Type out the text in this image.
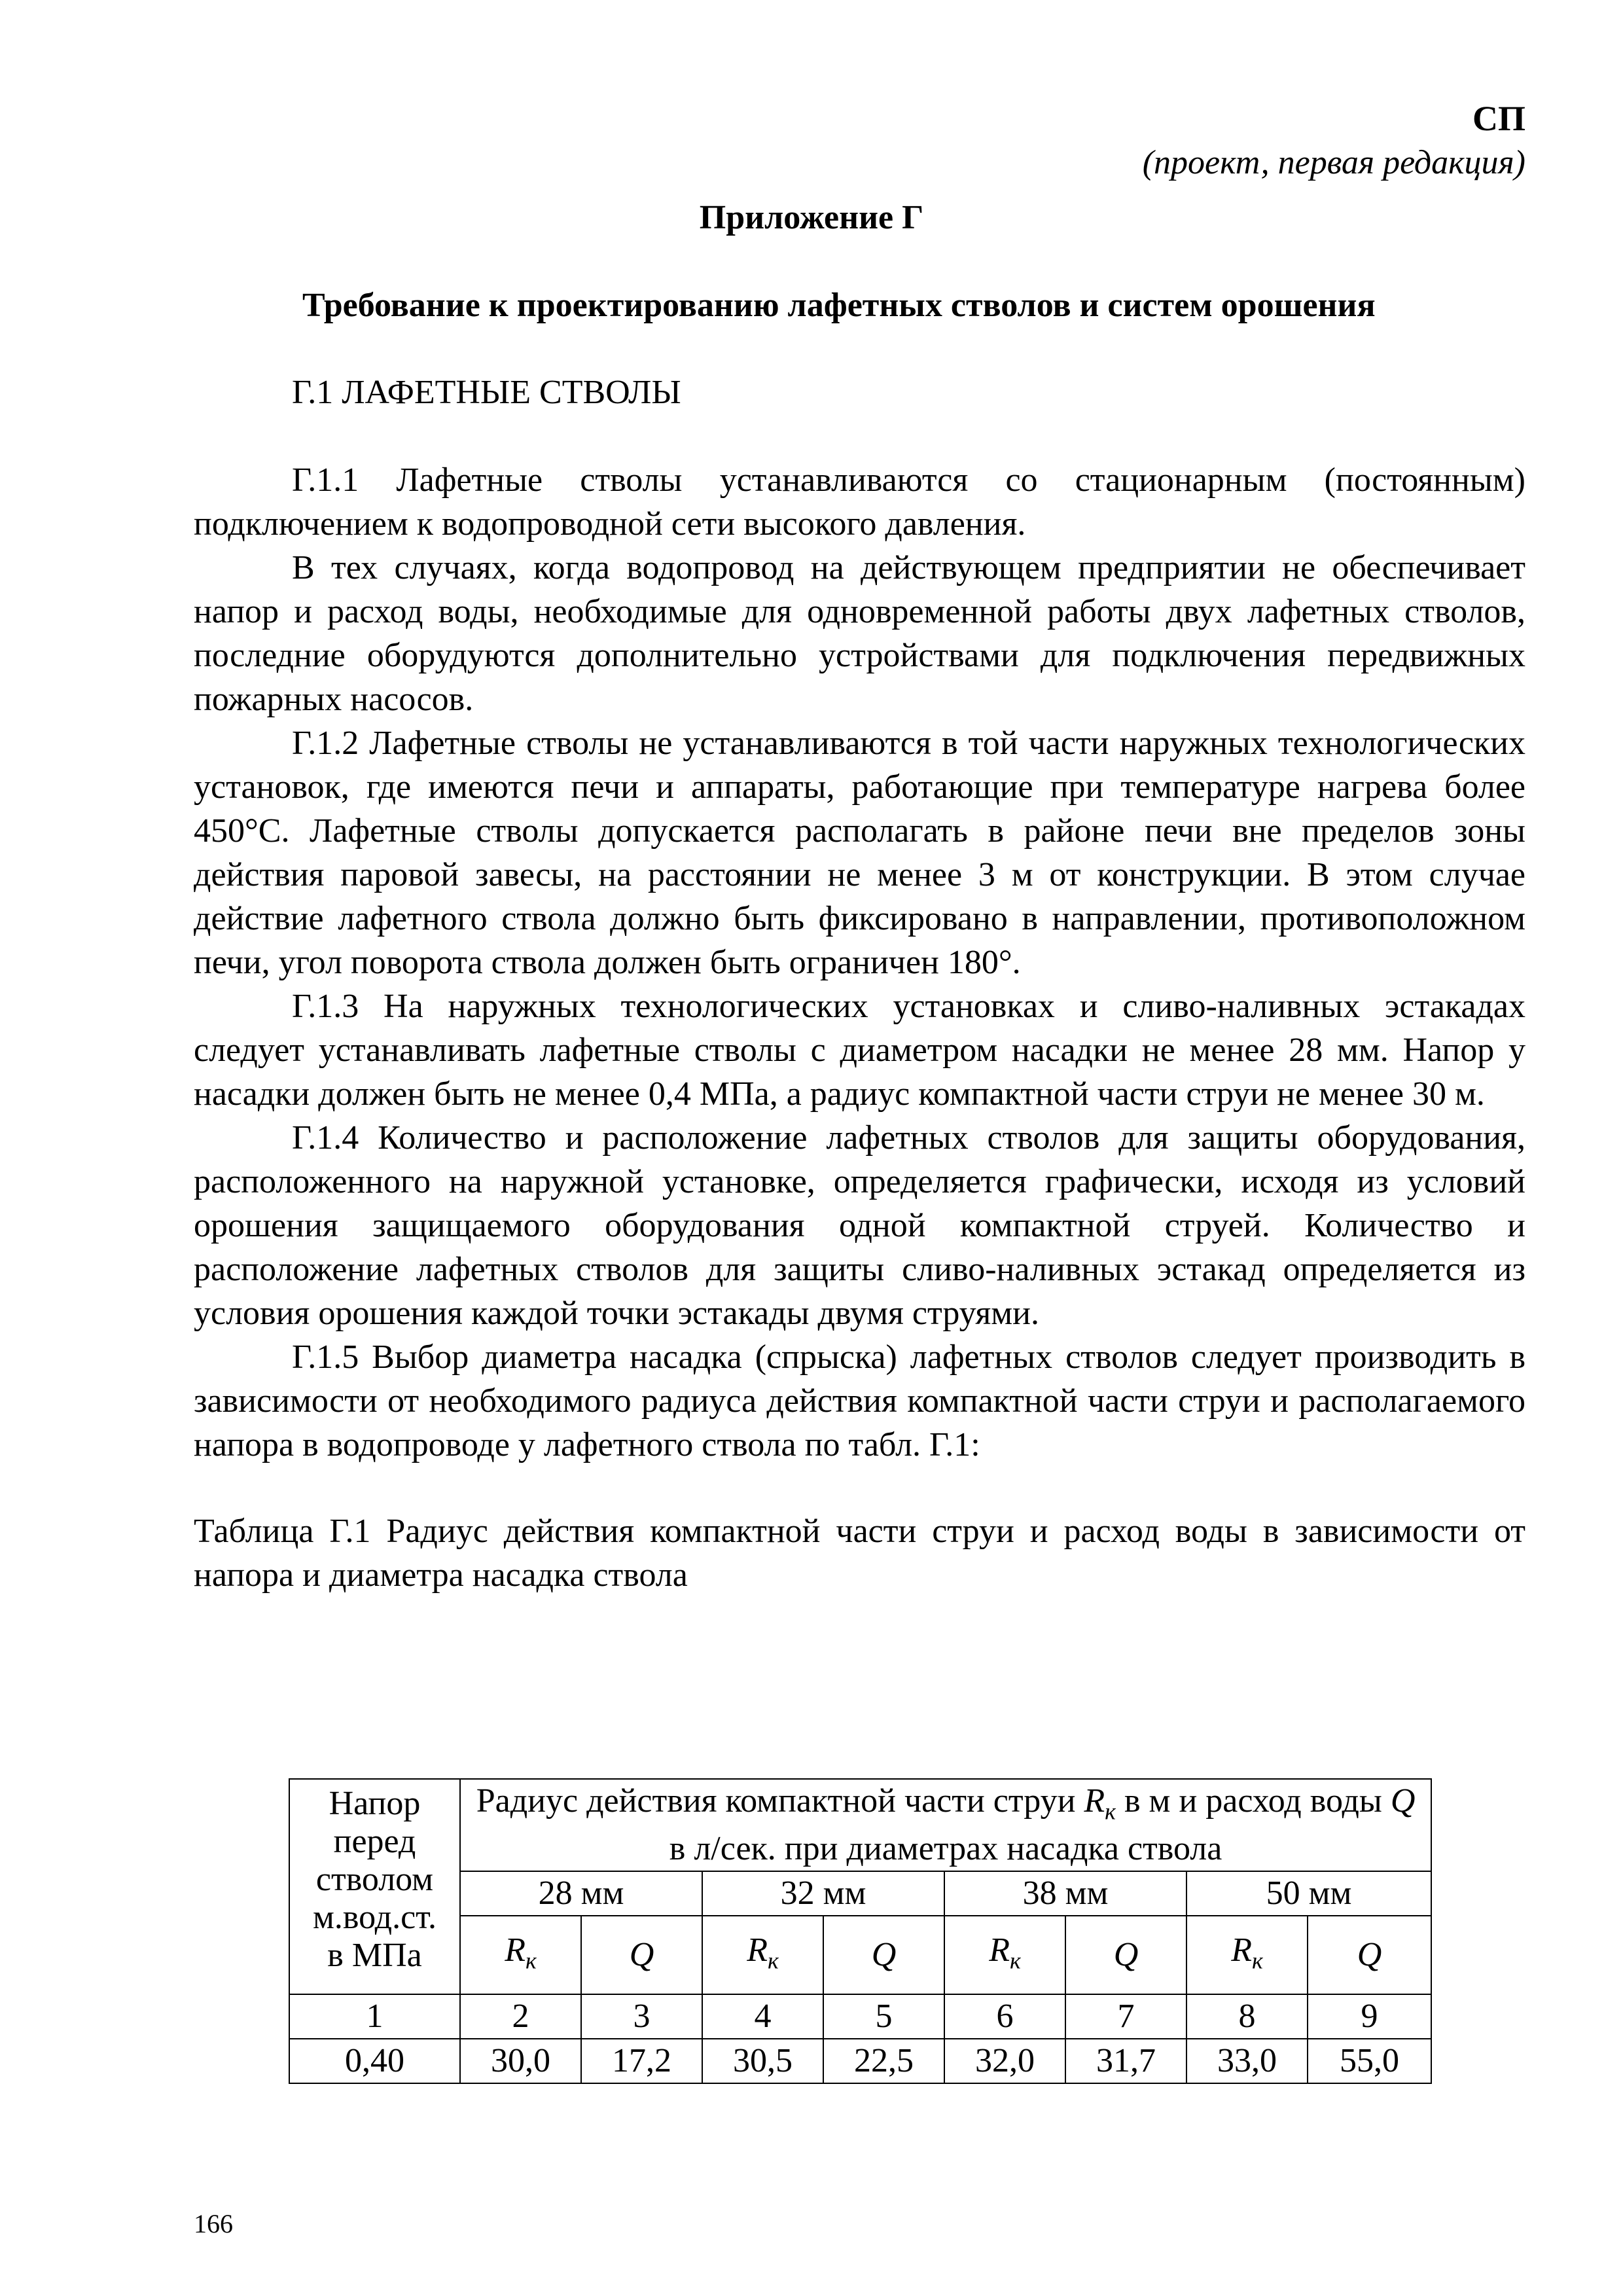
СП
(проект, первая редакция)
Приложение Г
Требование к проектированию лафетных стволов и систем орошения
Г.1 ЛАФЕТНЫЕ СТВОЛЫ

Г.1.1 Лафетные стволы устанавливаются со стационарным (постоянным) подключением к водопроводной сети высокого давления.

В тех случаях, когда водопровод на действующем предприятии не обеспечивает напор и расход воды, необходимые для одновременной работы двух лафетных стволов, последние оборудуются дополнительно устройствами для подключения передвижных пожарных насосов.

Г.1.2 Лафетные стволы не устанавливаются в той части наружных технологических установок, где имеются печи и аппараты, работающие при температуре нагрева более 450°С. Лафетные стволы допускается располагать в районе печи вне пределов зоны действия паровой завесы, на расстоянии не менее 3 м от конструкции. В этом случае действие лафетного ствола должно быть фиксировано в направлении, противоположном печи, угол поворота ствола должен быть ограничен 180°.

Г.1.3 На наружных технологических установках и сливо-наливных эстакадах следует устанавливать лафетные стволы с диаметром насадки не менее 28 мм. Напор у насадки должен быть не менее 0,4 МПа, а радиус компактной части струи не менее 30 м.

Г.1.4 Количество и расположение лафетных стволов для защиты оборудования, расположенного на наружной установке, определяется графически, исходя из условий орошения защищаемого оборудования одной компактной струей. Количество и расположение лафетных стволов для защиты сливо-наливных эстакад определяется из условия орошения каждой точки эстакады двумя струями.

Г.1.5 Выбор диаметра насадка (спрыска) лафетных стволов следует производить в зависимости от необходимого радиуса действия компактной части струи и располагаемого напора в водопроводе у лафетного ствола по табл. Г.1:

Таблица Г.1 Радиус действия компактной части струи и расход воды в зависимости от напора и диаметра насадка ствола

Напор
перед
стволом
м.вод.ст.
в МПа	Радиус действия компактной части струи $R_к$ в м и расход воды Q в л/сек. при диаметрах насадка ствола							
	28 мм		32 мм		38 мм		50 мм	
	$R_к$	Q	$R_к$	Q	$R_к$	Q	$R_к$	Q
1	2	3	4	5	6	7	8	9
0,40	30,0	17,2	30,5	22,5	32,0	31,7	33,0	55,0
166
